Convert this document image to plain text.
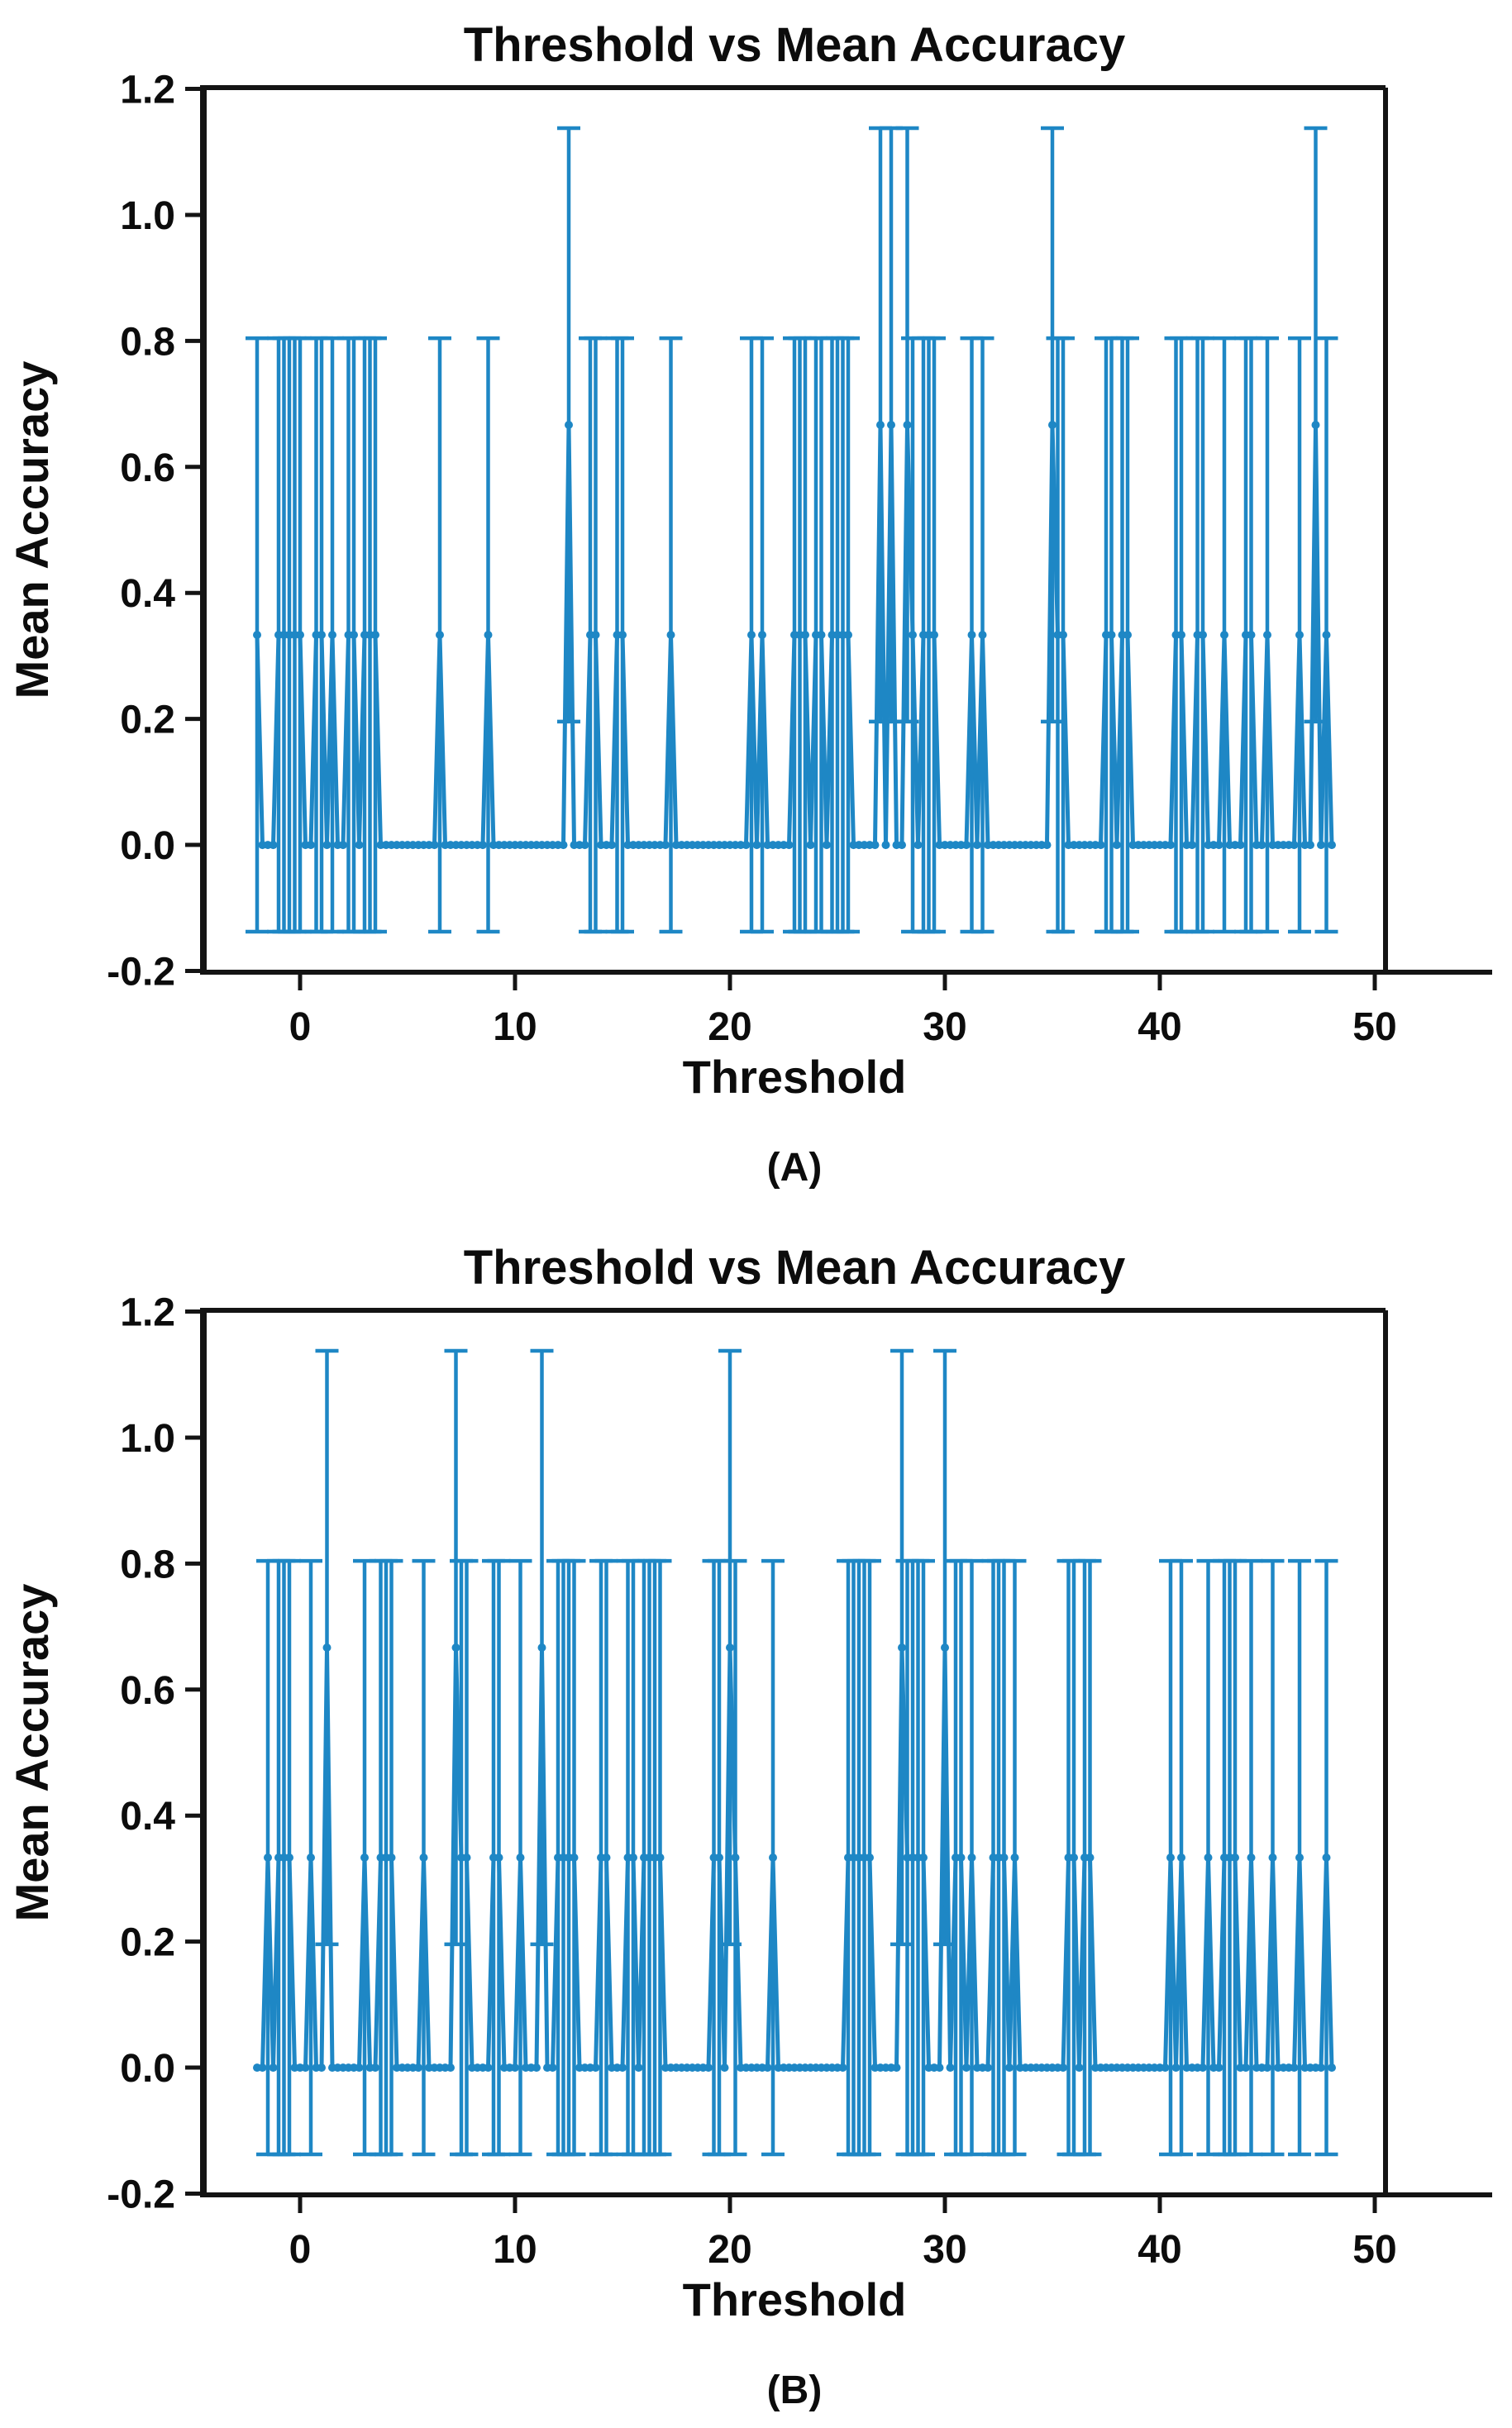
0	10	20	30	40	50
-0.2
0.0
0.2
0.4
0.6
0.8
1.0
1.2
Threshold vs Mean Accuracy
Threshold
Mean Accuracy
(A)
0	10	20	30	40	50
-0.2
0.0
0.2
0.4
0.6
0.8
1.0
1.2
Threshold vs Mean Accuracy
Threshold
Mean Accuracy
(B)
